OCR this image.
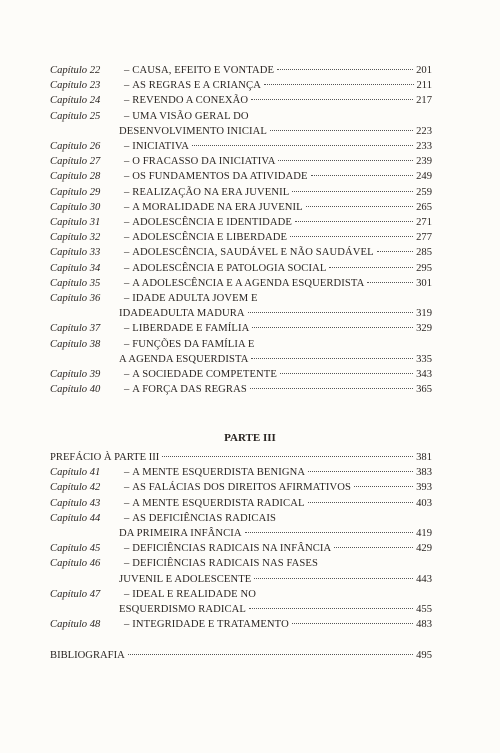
Capítulo 22	– CAUSA, EFEITO E VONTADE	201
Capítulo 23	– AS REGRAS E A CRIANÇA	211
Capítulo 24	– REVENDO A CONEXÃO	217
Capítulo 25	– UMA VISÃO GERAL DO
DESENVOLVIMENTO INICIAL	223
Capítulo 26	– INICIATIVA	233
Capítulo 27	– O FRACASSO DA INICIATIVA	239
Capítulo 28	– OS FUNDAMENTOS DA ATIVIDADE	249
Capítulo 29	– REALIZAÇÃO NA ERA JUVENIL	259
Capítulo 30	– A MORALIDADE NA ERA JUVENIL	265
Capítulo 31	– ADOLESCÊNCIA E IDENTIDADE	271
Capítulo 32	– ADOLESCÊNCIA E LIBERDADE	277
Capítulo 33	– ADOLESCÊNCIA, SAUDÁVEL E NÃO SAUDÁVEL	285
Capítulo 34	– ADOLESCÊNCIA E PATOLOGIA SOCIAL	295
Capítulo 35	– A ADOLESCÊNCIA E A AGENDA ESQUERDISTA	301
Capítulo 36	– IDADE ADULTA JOVEM E
IDADEADULTA MADURA	319
Capítulo 37	– LIBERDADE E FAMÍLIA	329
Capítulo 38	– FUNÇÕES DA FAMÍLIA E
A AGENDA ESQUERDISTA	335
Capítulo 39	– A SOCIEDADE COMPETENTE	343
Capítulo 40	– A FORÇA DAS REGRAS	365
PARTE III
PREFÁCIO À PARTE III	381
Capítulo 41	– A MENTE ESQUERDISTA BENIGNA	383
Capítulo 42	– AS FALÁCIAS DOS DIREITOS AFIRMATIVOS	393
Capítulo 43	– A MENTE ESQUERDISTA RADICAL	403
Capítulo 44	– AS DEFICIÊNCIAS RADICAIS
DA PRIMEIRA INFÂNCIA	419
Capítulo 45	– DEFICIÊNCIAS RADICAIS NA INFÂNCIA	429
Capítulo 46	– DEFICIÊNCIAS RADICAIS NAS FASES
JUVENIL E ADOLESCENTE	443
Capítulo 47	– IDEAL E REALIDADE NO
ESQUERDISMO RADICAL	455
Capítulo 48	– INTEGRIDADE E TRATAMENTO	483

BIBLIOGRAFIA	495
